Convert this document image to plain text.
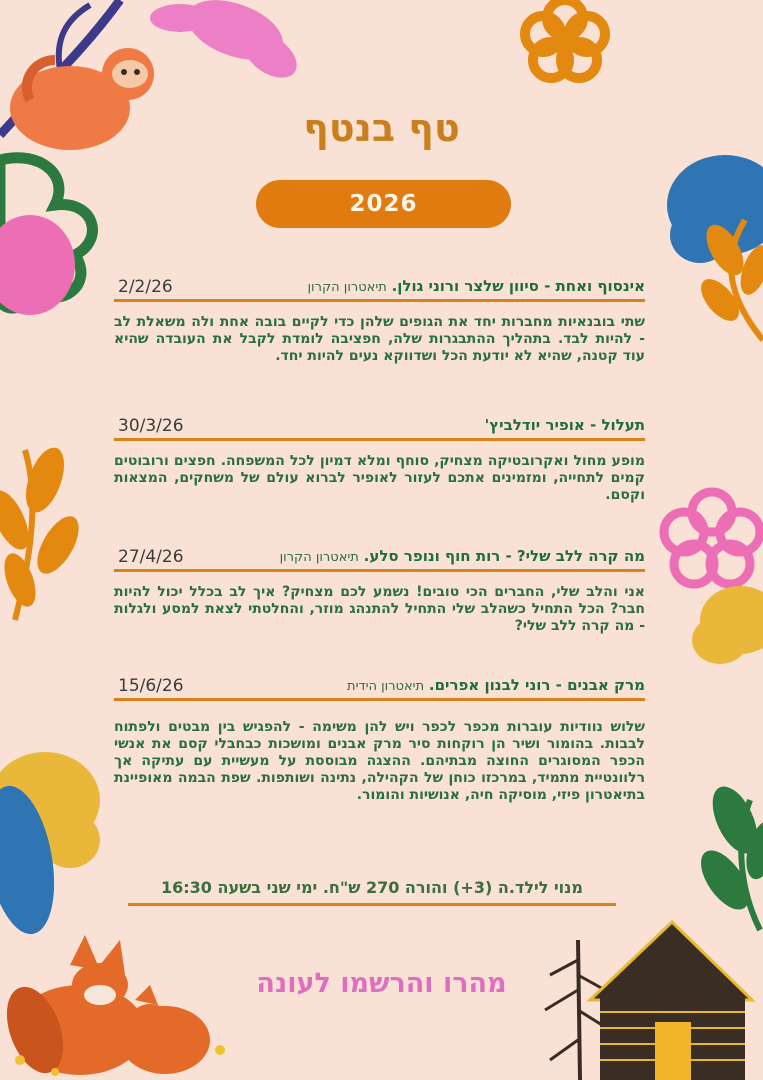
טף בנטף
2026
אינסוף ואחת - סיוון שלצר ורוני גולן. תיאטרון הקרון
2/2/26

שתי בובנאיות מחברות יחד את הגופים שלהן כדי לקיים בובה אחת ולה משאלת לב - להיות לבד. בתהליך ההתבגרות שלה, חפציבה לומדת לקבל את העובדה שהיא עוד קטנה, שהיא לא יודעת הכל ושדווקא נעים להיות יחד.

תעלול - אופיר יודלביץ'
30/3/26

מופע מחול ואקרובטיקה מצחיק, סוחף ומלא דמיון לכל המשפחה. חפצים ורובוטים קמים לתחייה, ומזמינים אתכם לעזור לאופיר לברוא עולם של משחקים, המצאות וקסם.

מה קרה ללב שלי? - רות חוף ונופר סלע. תיאטרון הקרון
27/4/26

אני והלב שלי, החברים הכי טובים! נשמע לכם מצחיק? איך לב בכלל יכול להיות חבר? הכל התחיל כשהלב שלי התחיל להתנהג מוזר, והחלטתי לצאת למסע ולגלות - מה קרה ללב שלי?

מרק אבנים - רוני לבנון אפרים. תיאטרון הידית
15/6/26

שלוש נוודיות עוברות מכפר לכפר ויש להן משימה - להפגיש בין מבטים ולפתוח לבבות. בהומור ושיר הן רוקחות סיר מרק אבנים ומושכות כבחבלי קסם את אנשי הכפר המסוגרים החוצה מבתיהם. ההצגה מבוססת על מעשיית עם עתיקה אך רלוונטיית מתמיד, במרכזו כוחן של הקהילה, נתינה ושותפות. שפת הבמה מאופיינת בתיאטרון פיזי, מוסיקה חיה, אנושיות והומור.

מנוי לילד.ה (3+) והורה 270 ש"ח. ימי שני בשעה 16:30
מהרו והרשמו לעונה
